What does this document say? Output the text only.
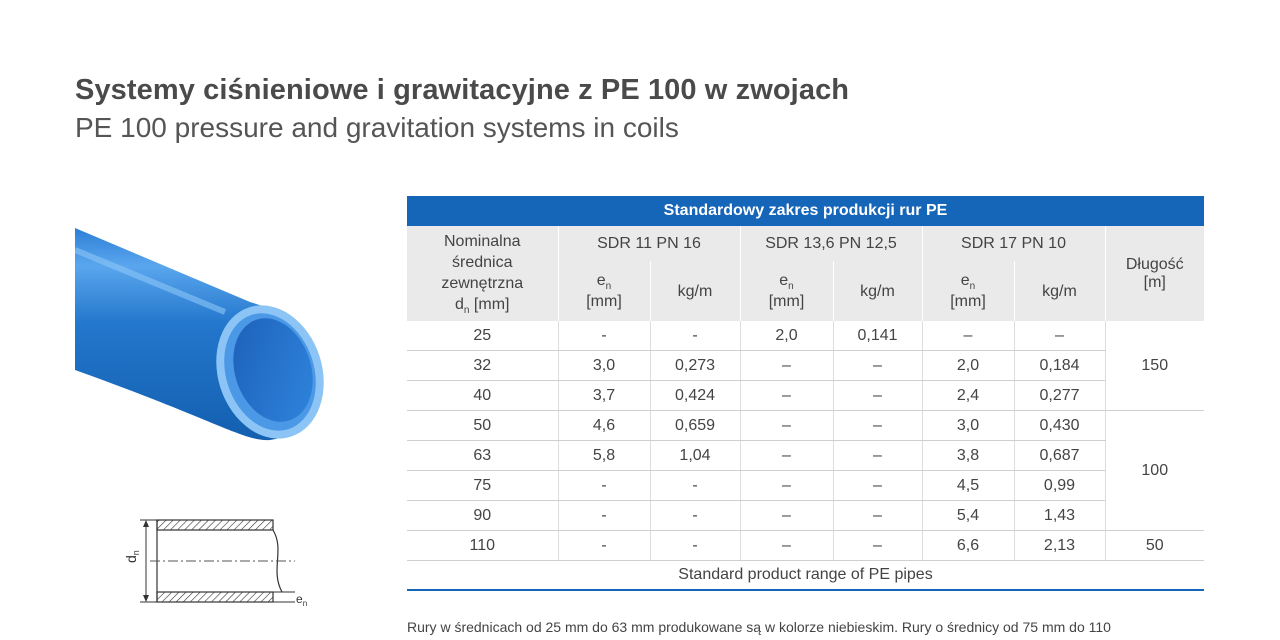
Systemy ciśnieniowe i grawitacyjne z PE 100 w zwojach
PE 100 pressure and gravitation systems in coils
$d_n$
$e_n$
Standardowy zakres produkcji rur PE
Nominalna
średnica
zewnętrzna
$d_n$ [mm]	SDR 11 PN 16		SDR 13,6 PN 12,5		SDR 17 PN 10		Długość
[m]
	$e_n$
[mm]	kg/m	$e_n$
[mm]	kg/m	$e_n$
[mm]	kg/m	
25	-	-	2,0	0,141	–	–	150
32	3,0	0,273	–	–	2,0	0,184	
40	3,7	0,424	–	–	2,4	0,277	
50	4,6	0,659	–	–	3,0	0,430	100
63	5,8	1,04	–	–	3,8	0,687	
75	-	-	–	–	4,5	0,99	
90	-	-	–	–	5,4	1,43	
110	-	-	–	–	6,6	2,13	50
Standard product range of PE pipes
Rury w średnicach od 25 mm do 63 mm produkowane są w kolorze niebieskim. Rury o średnicy od 75 mm do 110
